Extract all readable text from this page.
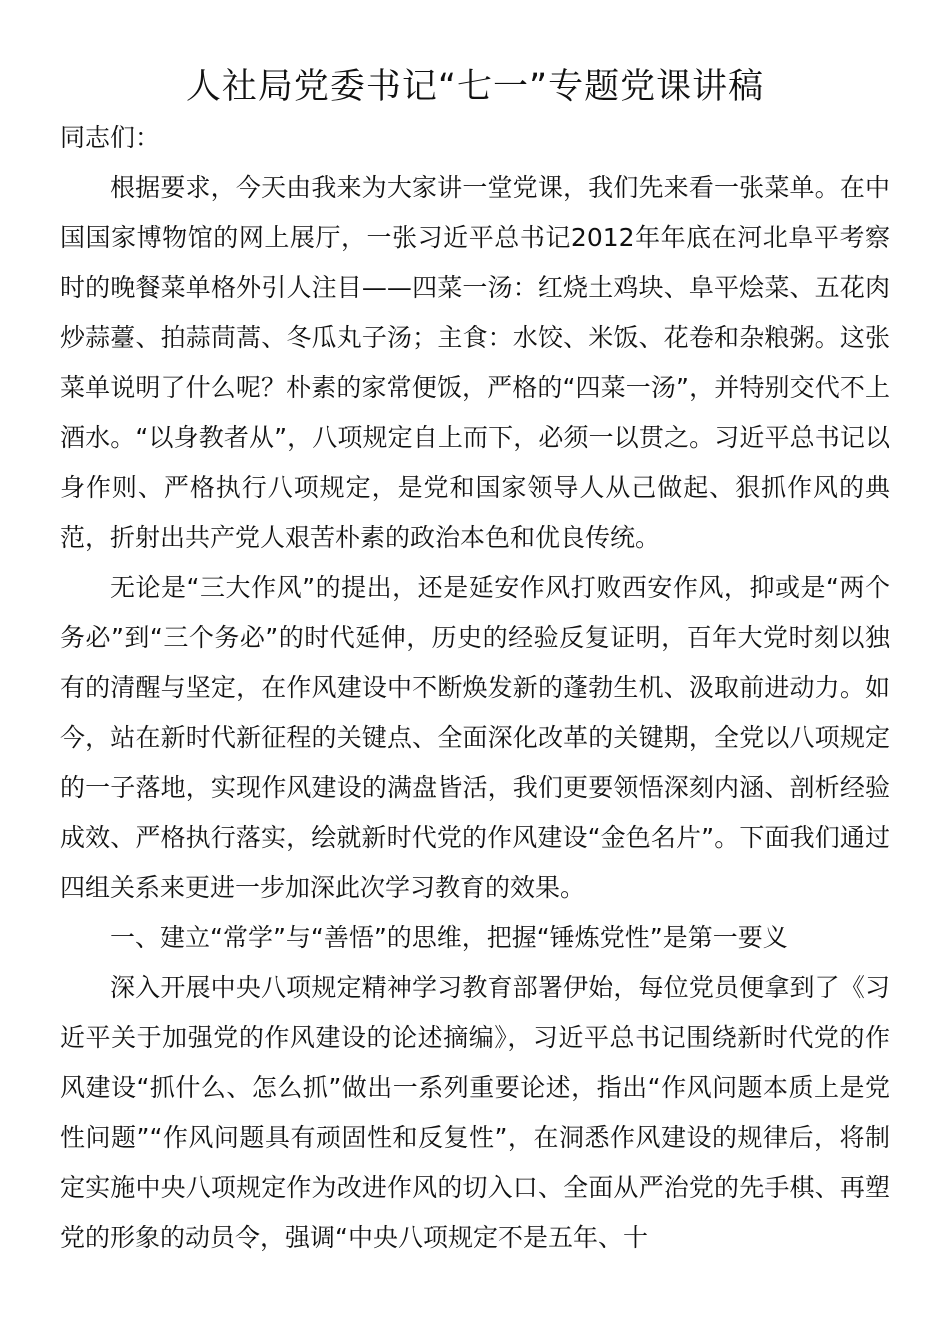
人社局党委书记“七一”专题党课讲稿
同志们：

根据要求，今天由我来为大家讲一堂党课，我们先来看一张菜单。在中国国家博物馆的网上展厅，一张习近平总书记2012年年底在河北阜平考察时的晚餐菜单格外引人注目——四菜一汤：红烧土鸡块、阜平烩菜、五花肉炒蒜薹、拍蒜茼蒿、冬瓜丸子汤；主食：水饺、米饭、花卷和杂粮粥。这张菜单说明了什么呢？朴素的家常便饭，严格的“四菜一汤”，并特别交代不上酒水。“以身教者从”，八项规定自上而下，必须一以贯之。习近平总书记以身作则、严格执行八项规定，是党和国家领导人从己做起、狠抓作风的典范，折射出共产党人艰苦朴素的政治本色和优良传统。

无论是“三大作风”的提出，还是延安作风打败西安作风，抑或是“两个务必”到“三个务必”的时代延伸，历史的经验反复证明，百年大党时刻以独有的清醒与坚定，在作风建设中不断焕发新的蓬勃生机、汲取前进动力。如今，站在新时代新征程的关键点、全面深化改革的关键期，全党以八项规定的一子落地，实现作风建设的满盘皆活，我们更要领悟深刻内涵、剖析经验成效、严格执行落实，绘就新时代党的作风建设“金色名片”。下面我们通过四组关系来更进一步加深此次学习教育的效果。

一、建立“常学”与“善悟”的思维，把握“锤炼党性”是第一要义

深入开展中央八项规定精神学习教育部署伊始，每位党员便拿到了《习近平关于加强党的作风建设的论述摘编》，习近平总书记围绕新时代党的作风建设“抓什么、怎么抓”做出一系列重要论述，指出“作风问题本质上是党性问题”“作风问题具有顽固性和反复性”，在洞悉作风建设的规律后，将制定实施中央八项规定作为改进作风的切入口、全面从严治党的先手棋、再塑党的形象的动员令，强调“中央八项规定不是五年、十
